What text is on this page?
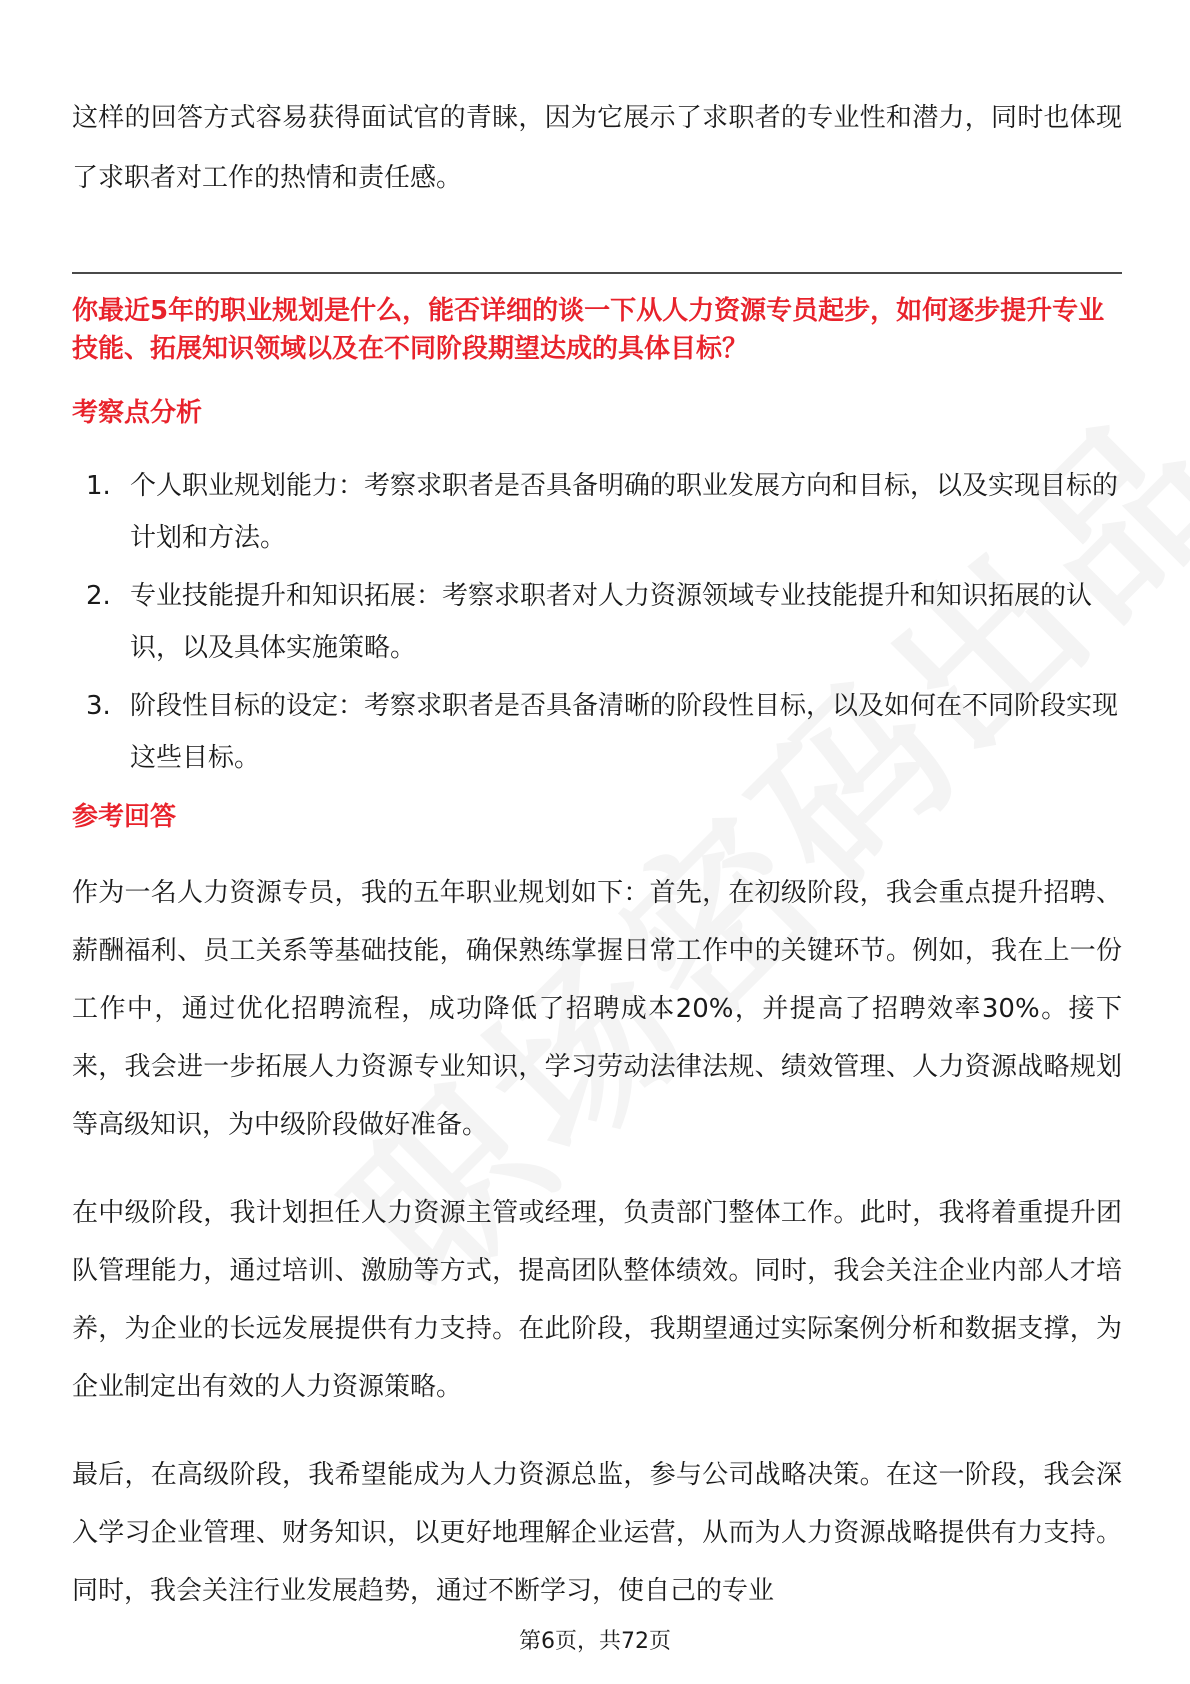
这样的回答方式容易获得面试官的青睐，因为它展示了求职者的专业性和潜力，同时也体现了求职者对工作的热情和责任感。

你最近5年的职业规划是什么，能否详细的谈一下从人力资源专员起步，如何逐步提升专业技能、拓展知识领域以及在不同阶段期望达成的具体目标？

考察点分析

1. 个人职业规划能力：考察求职者是否具备明确的职业发展方向和目标，以及实现目标的计划和方法。
2. 专业技能提升和知识拓展：考察求职者对人力资源领域专业技能提升和知识拓展的认识，以及具体实施策略。
3. 阶段性目标的设定：考察求职者是否具备清晰的阶段性目标，以及如何在不同阶段实现这些目标。

参考回答

作为一名人力资源专员，我的五年职业规划如下：首先，在初级阶段，我会重点提升招聘、薪酬福利、员工关系等基础技能，确保熟练掌握日常工作中的关键环节。例如，我在上一份工作中，通过优化招聘流程，成功降低了招聘成本20%，并提高了招聘效率30%。接下来，我会进一步拓展人力资源专业知识，学习劳动法律法规、绩效管理、人力资源战略规划等高级知识，为中级阶段做好准备。

在中级阶段，我计划担任人力资源主管或经理，负责部门整体工作。此时，我将着重提升团队管理能力，通过培训、激励等方式，提高团队整体绩效。同时，我会关注企业内部人才培养，为企业的长远发展提供有力支持。在此阶段，我期望通过实际案例分析和数据支撑，为企业制定出有效的人力资源策略。

最后，在高级阶段，我希望能成为人力资源总监，参与公司战略决策。在这一阶段，我会深入学习企业管理、财务知识，以更好地理解企业运营，从而为人力资源战略提供有力支持。同时，我会关注行业发展趋势，通过不断学习，使自己的专业

第6页，共72页
